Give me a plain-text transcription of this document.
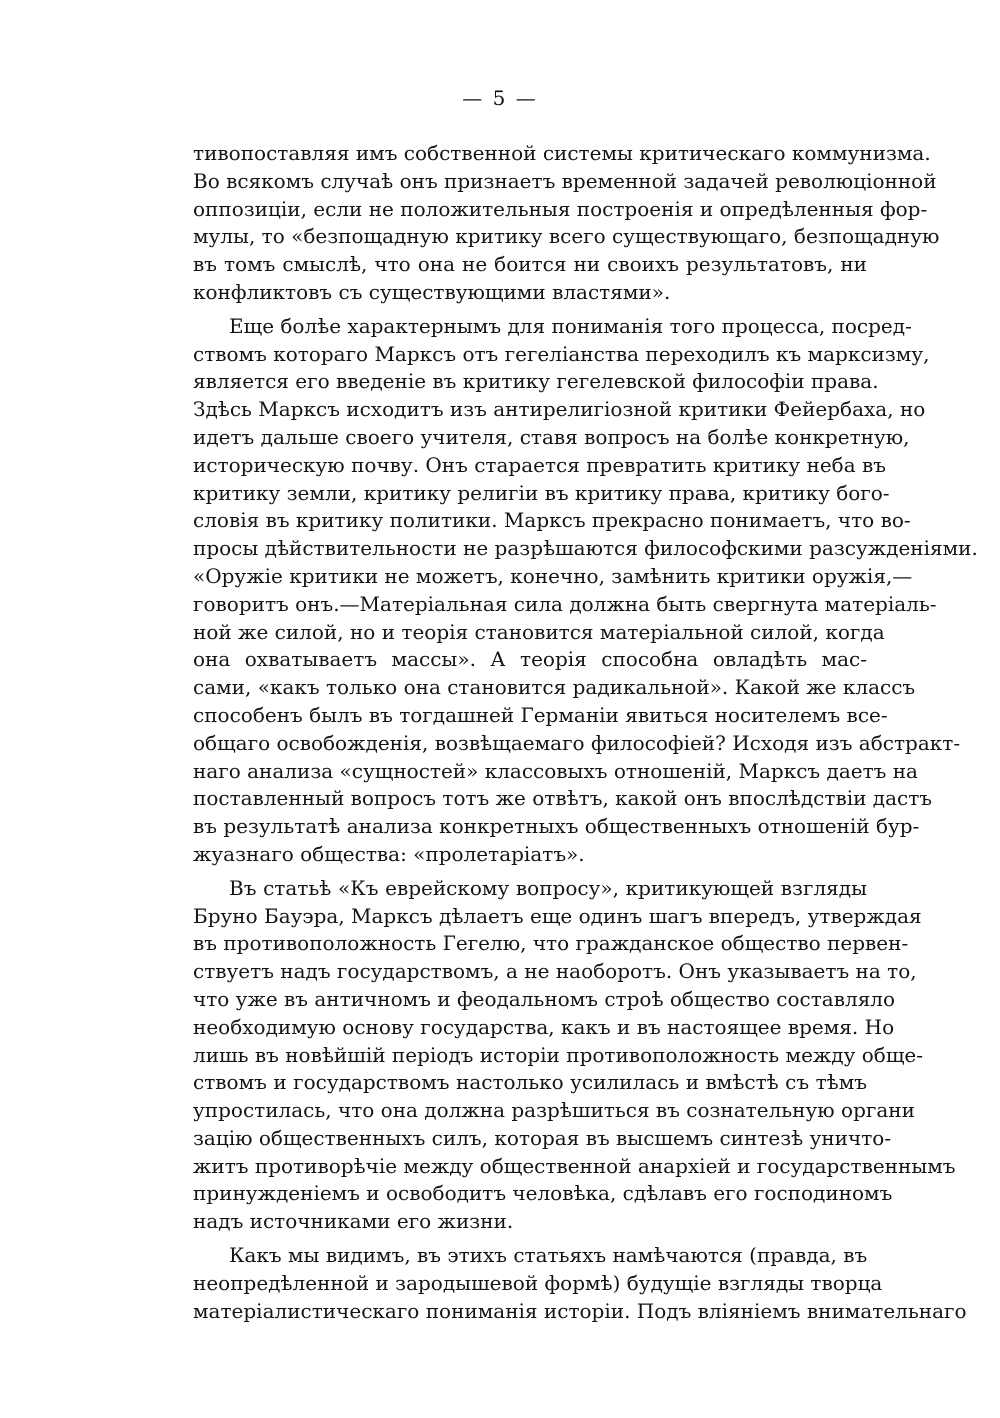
— 5 —
тивопоставляя имъ собственной системы критическаго коммунизма.
Во всякомъ случаѣ онъ признаетъ временной задачей революціонной
оппозиціи, если не положительныя построенія и опредѣленныя фор-
мулы, то «безпощадную критику всего существующаго, безпощадную
въ томъ смыслѣ, что она не боится ни своихъ результатовъ, ни
конфликтовъ съ существующими властями».
Еще болѣе характернымъ для пониманія того процесса, посред-
ствомъ котораго Марксъ отъ гегеліанства переходилъ къ марксизму,
является его введеніе въ критику гегелевской философіи права.
Здѣсь Марксъ исходитъ изъ антирелигіозной критики Фейербаха, но
идетъ дальше своего учителя, ставя вопросъ на болѣе конкретную,
историческую почву. Онъ старается превратить критику неба въ
критику земли, критику религіи въ критику права, критику бого-
словія въ критику политики. Марксъ прекрасно понимаетъ, что во-
просы дѣйствительности не разрѣшаются философскими разсужденіями.
«Оружіе критики не можетъ, конечно, замѣнить критики оружія,—
говоритъ онъ.—Матеріальная сила должна быть свергнута матеріаль-
ной же силой, но и теорія становится матеріальной силой, когда
она охватываетъ массы». А теорія способна овладѣть мас-
сами, «какъ только она становится радикальной». Какой же классъ
способенъ былъ въ тогдашней Германіи явиться носителемъ все-
общаго освобожденія, возвѣщаемаго философіей? Исходя изъ абстракт-
наго анализа «сущностей» классовыхъ отношеній, Марксъ даетъ на
поставленный вопросъ тотъ же отвѣтъ, какой онъ впослѣдствіи дастъ
въ результатѣ анализа конкретныхъ общественныхъ отношеній бур-
жуазнаго общества: «пролетаріатъ».
Въ статьѣ «Къ еврейскому вопросу», критикующей взгляды
Бруно Бауэра, Марксъ дѣлаетъ еще одинъ шагъ впередъ, утверждая
въ противоположность Гегелю, что гражданское общество первен-
ствуетъ надъ государствомъ, а не наоборотъ. Онъ указываетъ на то,
что уже въ античномъ и феодальномъ строѣ общество составляло
необходимую основу государства, какъ и въ настоящее время. Но
лишь въ новѣйшій періодъ исторіи противоположность между обще-
ствомъ и государствомъ настолько усилилась и вмѣстѣ съ тѣмъ
упростилась, что она должна разрѣшиться въ сознательную органи
зацію общественныхъ силъ, которая въ высшемъ синтезѣ уничто-
житъ противорѣчіе между общественной анархіей и государственнымъ
принужденіемъ и освободитъ человѣка, сдѣлавъ его господиномъ
надъ источниками его жизни.
Какъ мы видимъ, въ этихъ статьяхъ намѣчаются (правда, въ
неопредѣленной и зародышевой формѣ) будущіе взгляды творца
матеріалистическаго пониманія исторіи. Подъ вліяніемъ внимательнаго
